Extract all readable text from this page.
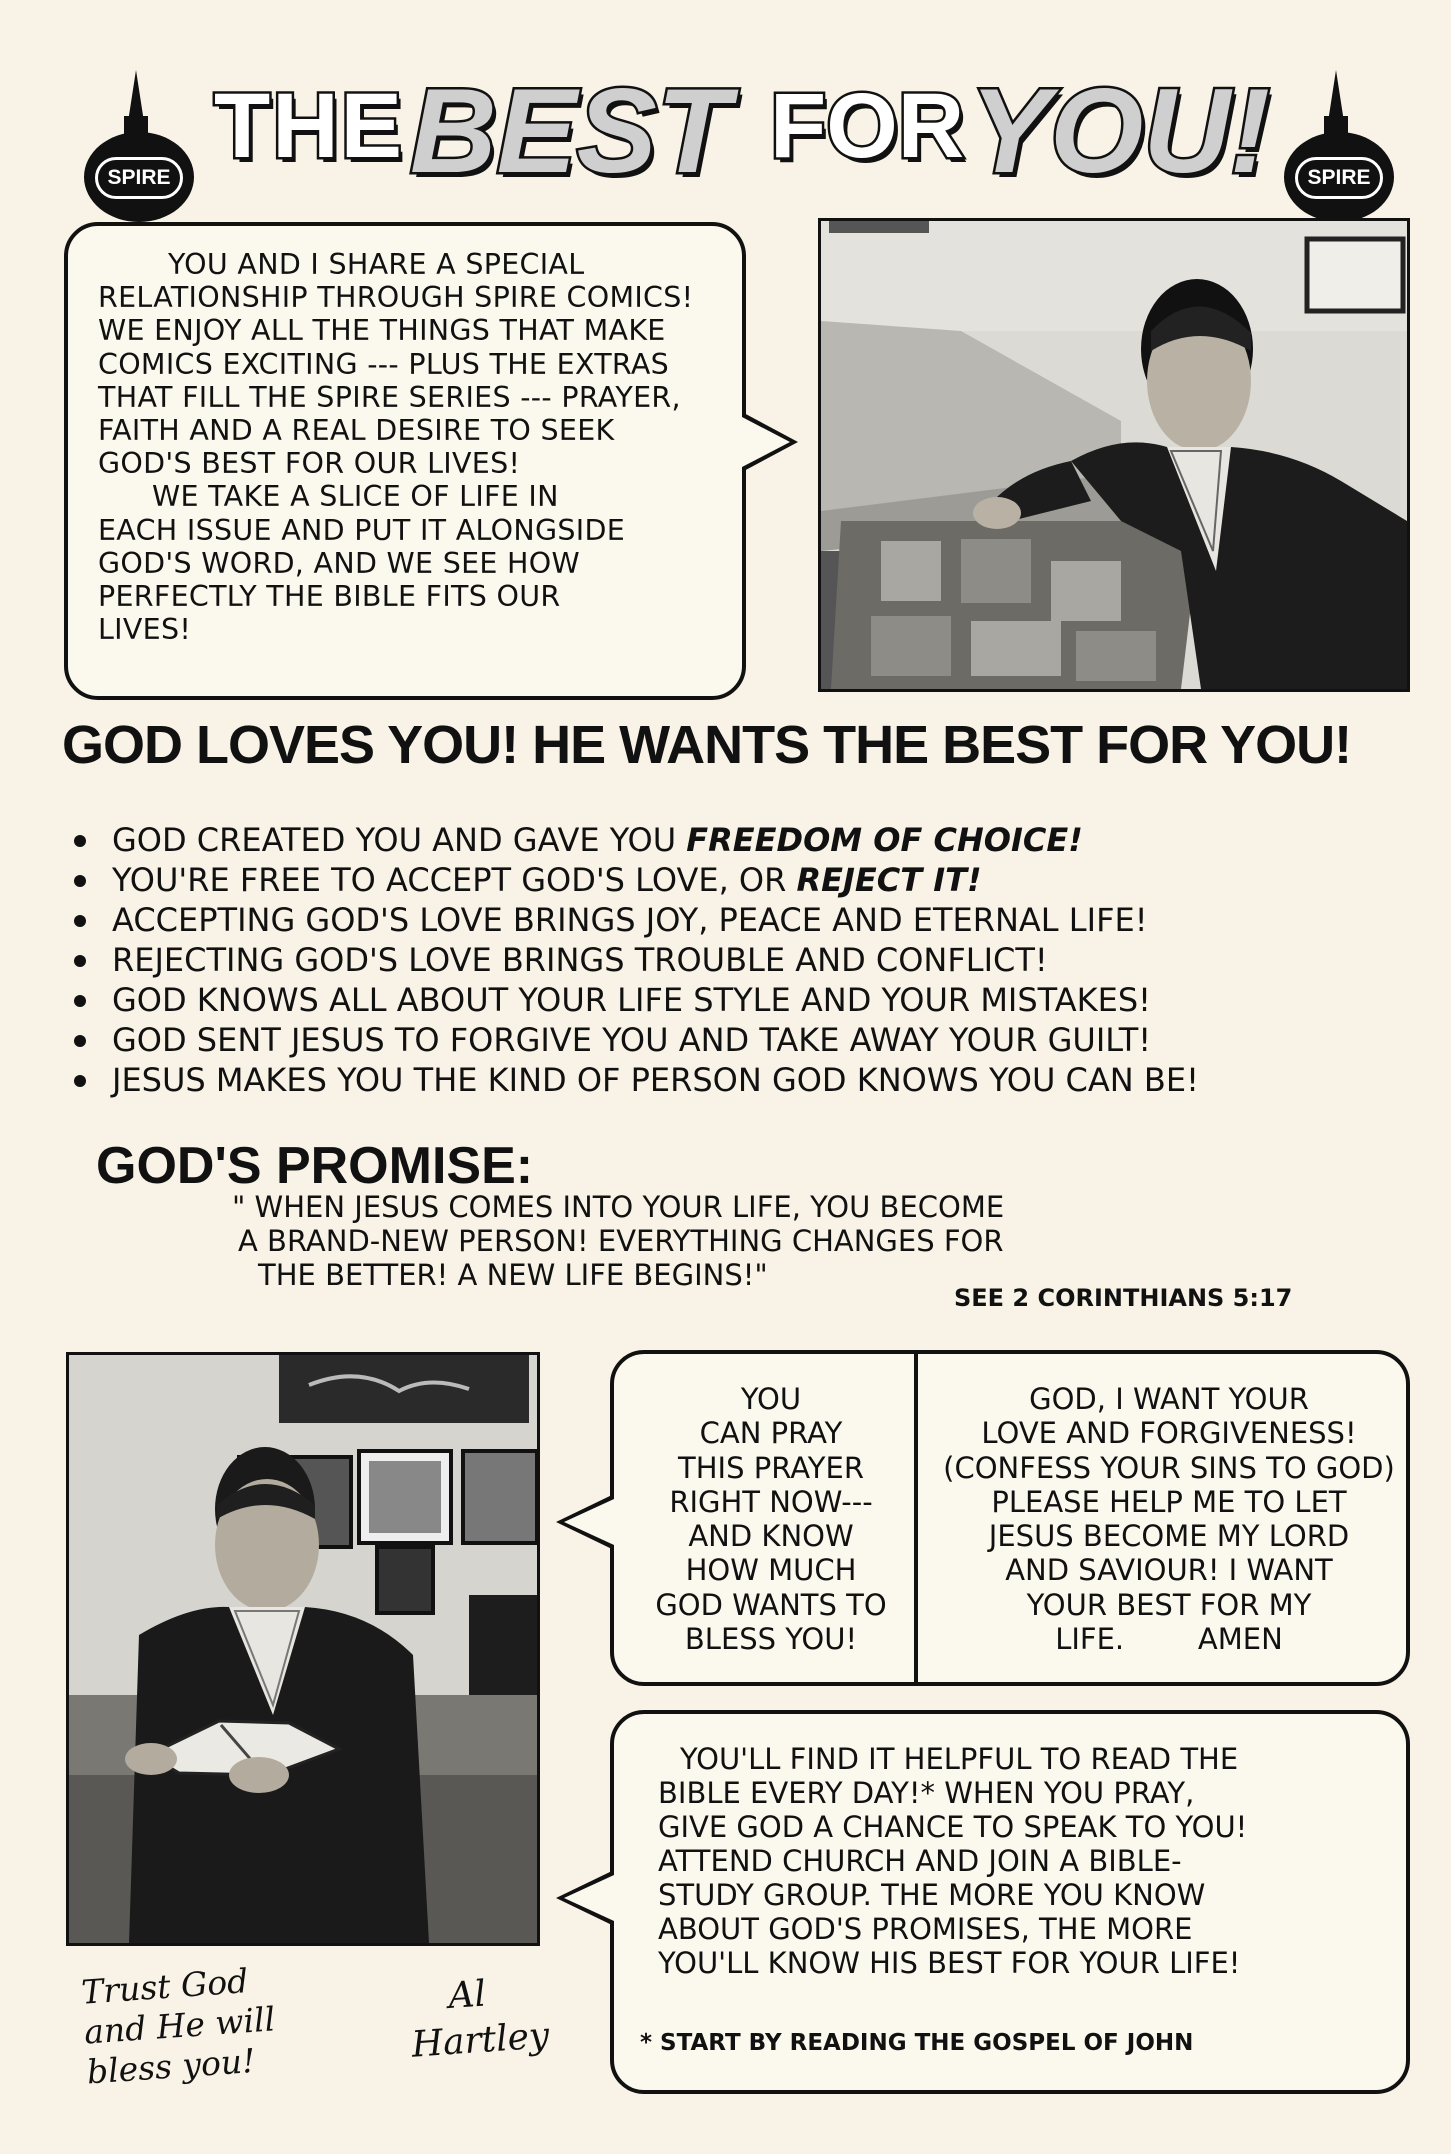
SPIRE	SPIRE
THE BEST FOR YOU!

YOU AND I SHARE A SPECIAL

RELATIONSHIP THROUGH SPIRE COMICS!

WE ENJOY ALL THE THINGS THAT MAKE

COMICS EXCITING --- PLUS THE EXTRAS

THAT FILL THE SPIRE SERIES --- PRAYER,

FAITH AND A REAL DESIRE TO SEEK

GOD'S BEST FOR OUR LIVES!

WE TAKE A SLICE OF LIFE IN

EACH ISSUE AND PUT IT ALONGSIDE

GOD'S WORD, AND WE SEE HOW

PERFECTLY THE BIBLE FITS OUR

LIVES!

GOD LOVES YOU! HE WANTS THE BEST FOR YOU!
GOD CREATED YOU AND GAVE YOU FREEDOM OF CHOICE!
YOU'RE FREE TO ACCEPT GOD'S LOVE, OR REJECT IT!
ACCEPTING GOD'S LOVE BRINGS JOY, PEACE AND ETERNAL LIFE!
REJECTING GOD'S LOVE BRINGS TROUBLE AND CONFLICT!
GOD KNOWS ALL ABOUT YOUR LIFE STYLE AND YOUR MISTAKES!
GOD SENT JESUS TO FORGIVE YOU AND TAKE AWAY YOUR GUILT!
JESUS MAKES YOU THE KIND OF PERSON GOD KNOWS YOU CAN BE!
GOD'S PROMISE:
" WHEN JESUS COMES INTO YOUR LIFE, YOU BECOME
A BRAND-NEW PERSON! EVERYTHING CHANGES FOR
THE BETTER! A NEW LIFE BEGINS!"
SEE 2 CORINTHIANS 5:17

YOU

CAN PRAY

THIS PRAYER

RIGHT NOW---

AND KNOW

HOW MUCH

GOD WANTS TO

BLESS YOU!

GOD, I WANT YOUR

LOVE AND FORGIVENESS!

(CONFESS YOUR SINS TO GOD)

PLEASE HELP ME TO LET

JESUS BECOME MY LORD

AND SAVIOUR! I WANT

YOUR BEST FOR MY

LIFE.        AMEN

YOU'LL FIND IT HELPFUL TO READ THE

BIBLE EVERY DAY!* WHEN YOU PRAY,

GIVE GOD A CHANCE TO SPEAK TO YOU!

ATTEND CHURCH AND JOIN A BIBLE-

STUDY GROUP. THE MORE YOU KNOW

ABOUT GOD'S PROMISES, THE MORE

YOU'LL KNOW HIS BEST FOR YOUR LIFE!

* START BY READING THE GOSPEL OF JOHN
Trust God
and He will
bless you!
Al
Hartley
